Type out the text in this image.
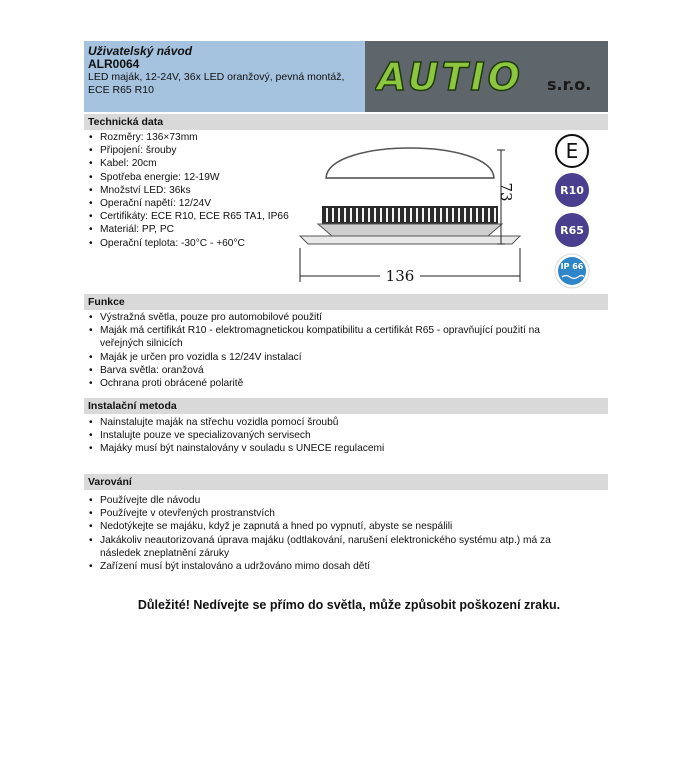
Uživatelský návod
ALR0064
LED maják, 12-24V, 36x LED oranžový, pevná montáž, ECE R65 R10	AUTIO s.r.o.
Technická data
• Rozměry: 136×73mm
• Připojení: šrouby
• Kabel: 20cm
• Spotřeba energie: 12-19W
• Množství LED: 36ks
• Operační napětí: 12/24V
• Certifikáty: ECE R10, ECE R65 TA1, IP66
• Materiál: PP, PC
• Operační teplota: -30°C - +60°C
73
136
E
R10
R65
IP 66
Funkce
• Výstražná světla, pouze pro automobilové použití
• Maják má certifikát R10 - elektromagnetickou kompatibilitu a certifikát R65 - opravňující použití na veřejných silnicích
• Maják je určen pro vozidla s 12/24V instalací
• Barva světla: oranžová
• Ochrana proti obrácené polaritě
Instalační metoda
• Nainstalujte maják na střechu vozidla pomocí šroubů
• Instalujte pouze ve specializovaných servisech
• Majáky musí být nainstalovány v souladu s UNECE regulacemi
Varování
• Používejte dle návodu
• Používejte v otevřených prostranstvích
• Nedotýkejte se majáku, když je zapnutá a hned po vypnutí, abyste se nespálili
• Jakákoliv neautorizovaná úprava majáku (odtlakování, narušení elektronického systému atp.) má za následek zneplatnění záruky
• Zařízení musí být instalováno a udržováno mimo dosah dětí
Důležité! Nedívejte se přímo do světla, může způsobit poškození zraku.
